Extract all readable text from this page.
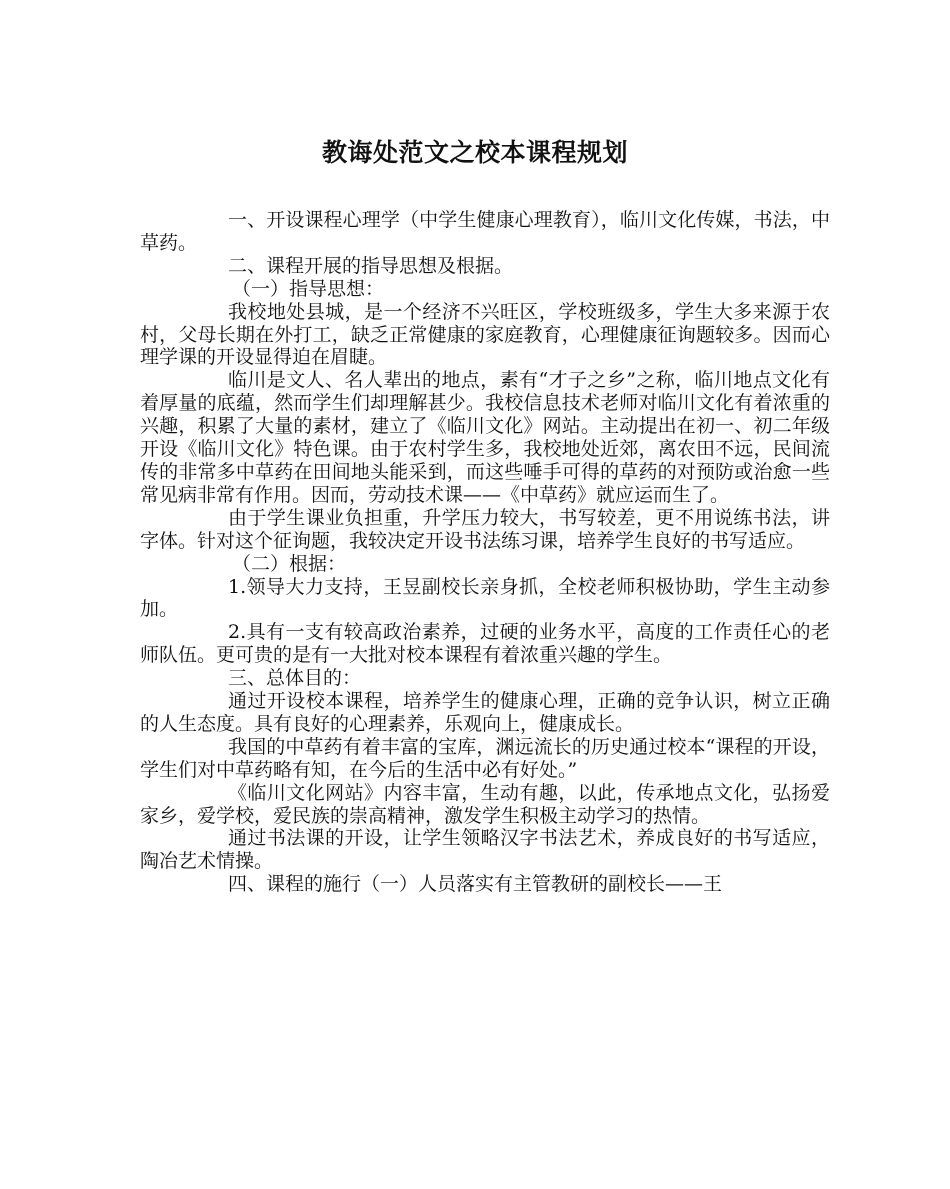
教诲处范文之校本课程规划

一、开设课程心理学（中学生健康心理教育），临川文化传媒，书法，中草药。

二、课程开展的指导思想及根据。

（一）指导思想：

我校地处县城，是一个经济不兴旺区，学校班级多，学生大多来源于农村，父母长期在外打工，缺乏正常健康的家庭教育，心理健康征询题较多。因而心理学课的开设显得迫在眉睫。

临川是文人、名人辈出的地点，素有“才子之乡”之称，临川地点文化有着厚量的底蕴，然而学生们却理解甚少。我校信息技术老师对临川文化有着浓重的兴趣，积累了大量的素材，建立了《临川文化》网站。主动提出在初一、初二年级开设《临川文化》特色课。由于农村学生多，我校地处近郊，离农田不远，民间流传的非常多中草药在田间地头能采到，而这些唾手可得的草药的对预防或治愈一些常见病非常有作用。因而，劳动技术课——《中草药》就应运而生了。

由于学生课业负担重，升学压力较大，书写较差，更不用说练书法，讲字体。针对这个征询题，我较决定开设书法练习课，培养学生良好的书写适应。

（二）根据：

1.领导大力支持，王昱副校长亲身抓，全校老师积极协助，学生主动参加。

2.具有一支有较高政治素养，过硬的业务水平，高度的工作责任心的老师队伍。更可贵的是有一大批对校本课程有着浓重兴趣的学生。

三、总体目的：

通过开设校本课程，培养学生的健康心理，正确的竞争认识，树立正确的人生态度。具有良好的心理素养，乐观向上，健康成长。

我国的中草药有着丰富的宝库，渊远流长的历史通过校本“课程的开设，学生们对中草药略有知，在今后的生活中必有好处。”

《临川文化网站》内容丰富，生动有趣，以此，传承地点文化，弘扬爱家乡，爱学校，爱民族的崇高精神，激发学生积极主动学习的热情。

通过书法课的开设，让学生领略汉字书法艺术，养成良好的书写适应，陶冶艺术情操。

四、课程的施行（一）人员落实有主管教研的副校长——王
